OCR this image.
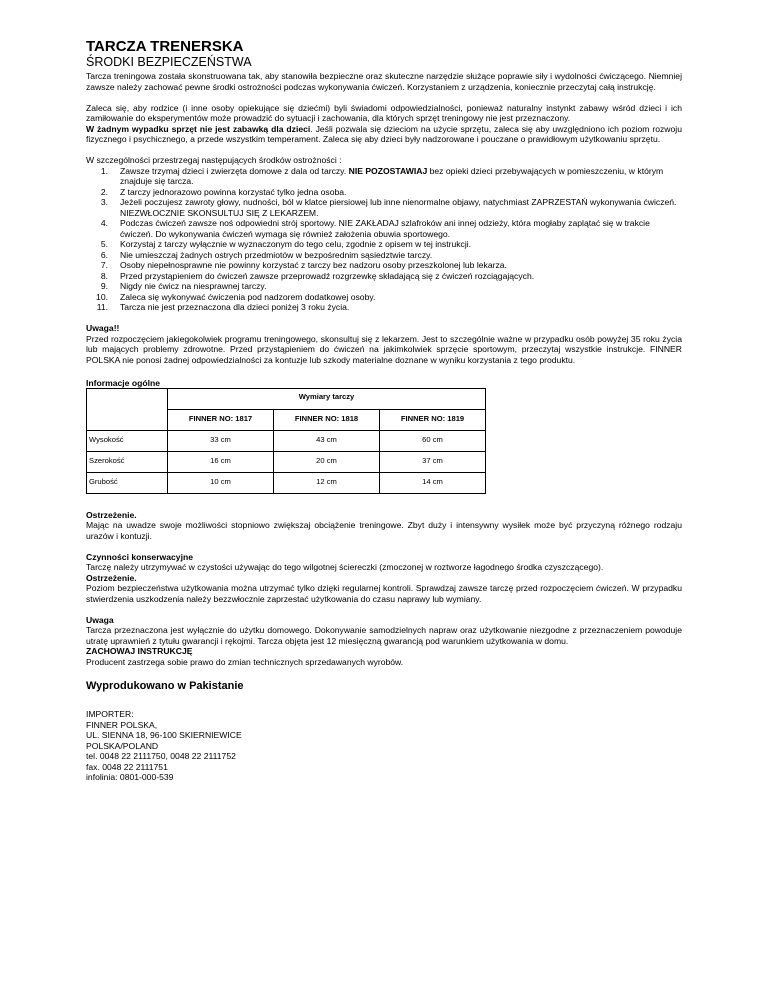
TARCZA TRENERSKA
ŚRODKI BEZPIECZEŃSTWA

Tarcza treningowa została skonstruowana tak, aby stanowiła bezpieczne oraz skuteczne narzędzie służące poprawie siły i wydolności ćwiczącego. Niemniej zawsze należy zachować pewne środki ostrożności podczas wykonywania ćwiczeń. Korzystaniem z urządzenia, koniecznie przeczytaj całą instrukcję.

Zaleca się, aby rodzice (i inne osoby opiekujące się dziećmi) byli świadomi odpowiedzialności, ponieważ naturalny instynkt zabawy wśród dzieci i ich zamiłowanie do eksperymentów może prowadzić do sytuacji i zachowania, dla których sprzęt treningowy nie jest przeznaczony.

W żadnym wypadku sprzęt nie jest zabawką dla dzieci. Jeśli pozwala się dzieciom na użycie sprzętu, zaleca się aby uwzględniono ich poziom rozwoju fizycznego i psychicznego, a przede wszystkim temperament. Zaleca się aby dzieci były nadzorowane i pouczane o prawidłowym użytkowaniu sprzętu.

W szczególności przestrzegaj następujących środków ostrożności :

1.	Zawsze trzymaj dzieci i zwierzęta domowe z dala od tarczy. NIE POZOSTAWIAJ bez opieki dzieci przebywających w pomieszczeniu, w którym znajduje się tarcza.
2.	Z tarczy jednorazowo powinna korzystać tylko jedna osoba.
3.	Jeżeli poczujesz zawroty głowy, nudności, ból w klatce piersiowej lub inne nienormalne objawy, natychmiast ZAPRZESTAŃ wykonywania ćwiczeń. NIEZWŁOCZNIE SKONSULTUJ SIĘ Z LEKARZEM.
4.	Podczas ćwiczeń zawsze noś odpowiedni strój sportowy. NIE ZAKŁADAJ szlafroków ani innej odzieży, która mogłaby zaplątać się w trakcie ćwiczeń. Do wykonywania ćwiczeń wymaga się również założenia obuwia sportowego.
5.	Korzystaj z tarczy wyłącznie w wyznaczonym do tego celu, zgodnie z opisem w tej instrukcji.
6.	Nie umieszczaj żadnych ostrych przedmiotów w bezpośrednim sąsiedztwie tarczy.
7.	Osoby niepełnosprawne nie powinny korzystać z tarczy bez nadzoru osoby przeszkolonej lub lekarza.
8.	Przed przystąpieniem do ćwiczeń zawsze przeprowadź rozgrzewkę składającą się z ćwiczeń rozciągających.
9.	Nigdy nie ćwicz na niesprawnej tarczy.
10.	Zaleca się wykonywać ćwiczenia pod nadzorem dodatkowej osoby.
11.	Tarcza nie jest przeznaczona dla dzieci poniżej 3 roku życia.

Uwaga!!

Przed rozpoczęciem jakiegokolwiek programu treningowego, skonsultuj się z lekarzem. Jest to szczególnie ważne w przypadku osób powyżej 35 roku życia lub mających problemy zdrowotne. Przed przystąpieniem do ćwiczeń na jakimkolwiek sprzęcie sportowym, przeczytaj wszystkie instrukcje. FINNER POLSKA nie ponosi żadnej odpowiedzialności za kontuzje lub szkody materialne doznane w wyniku korzystania z tego produktu.

Informacje ogólne

	Wymiary tarczy		
	FINNER NO: 1817	FINNER NO: 1818	FINNER NO: 1819
Wysokość	33 cm	43 cm	60 cm
Szerokość	16 cm	20 cm	37 cm
Grubość	10 cm	12 cm	14 cm

Ostrzeżenie.

Mając na uwadze swoje możliwości stopniowo zwiększaj obciążenie treningowe. Zbyt duży i intensywny wysiłek może być przyczyną różnego rodzaju urazów i kontuzji.

Czynności konserwacyjne

Tarczę należy utrzymywać w czystości używając do tego wilgotnej ściereczki (zmoczonej w roztworze łagodnego środka czyszczącego).

Ostrzeżenie.

Poziom bezpieczeństwa użytkowania można utrzymać tylko dzięki regularnej kontroli. Sprawdzaj zawsze tarczę przed rozpoczęciem ćwiczeń. W przypadku stwierdzenia uszkodzenia należy bezzwłocznie zaprzestać użytkowania do czasu naprawy lub wymiany.

Uwaga

Tarcza przeznaczona jest wyłącznie do użytku domowego. Dokonywanie samodzielnych napraw oraz użytkowanie niezgodne z przeznaczeniem powoduje utratę uprawnień z tytułu gwarancji i rękojmi. Tarcza objęta jest 12 miesięczną gwarancją pod warunkiem użytkowania w domu.

ZACHOWAJ INSTRUKCJĘ

Producent zastrzega sobie prawo do zmian technicznych sprzedawanych wyrobów.

Wyprodukowano w Pakistanie

IMPORTER:

FINNER POLSKA,

UL. SIENNA 18, 96-100 SKIERNIEWICE

POLSKA/POLAND

tel. 0048 22 2111750, 0048 22 2111752

fax. 0048 22 2111751

infolinia: 0801-000-539
